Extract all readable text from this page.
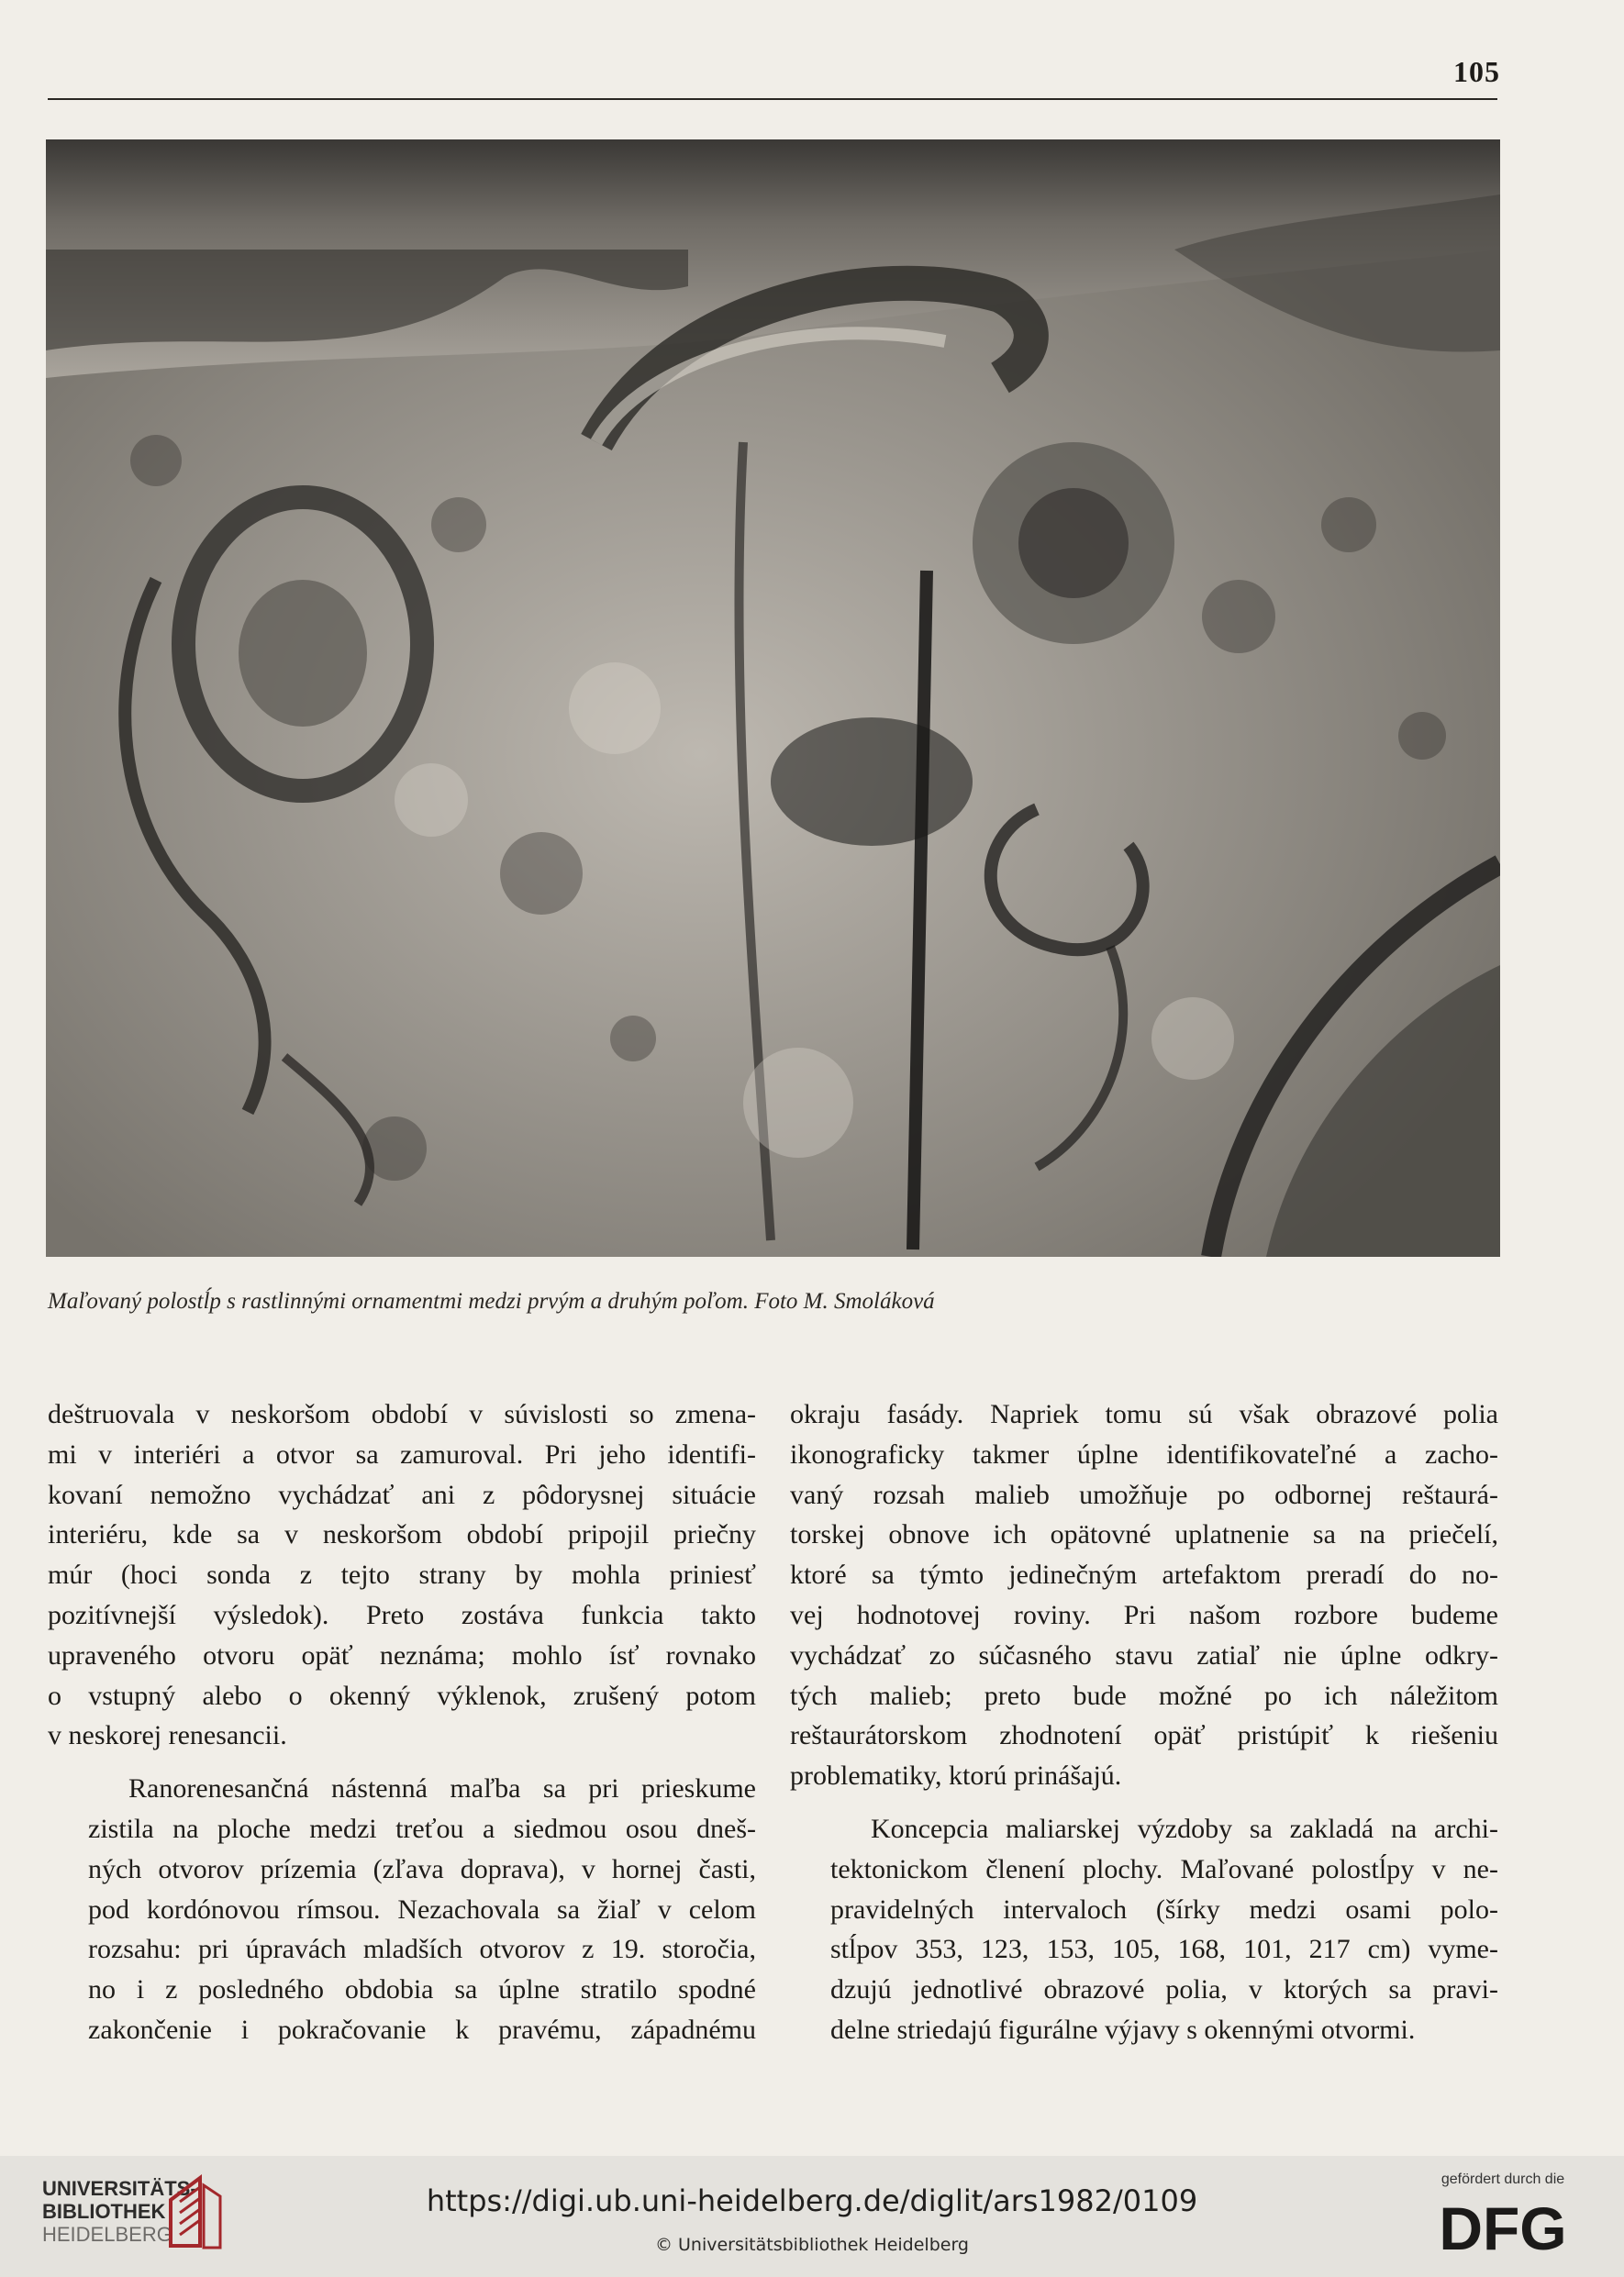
105
Maľovaný polostĺp s rastlinnými ornamentmi medzi prvým a druhým poľom. Foto M. Smoláková

deštruovala v neskoršom období v súvislosti so zmena-
mi v interiéri a otvor sa zamuroval. Pri jeho identifi-
kovaní nemožno vychádzať ani z pôdorysnej situácie
interiéru, kde sa v neskoršom období pripojil priečny
múr (hoci sonda z tejto strany by mohla priniesť
pozitívnejší výsledok). Preto zostáva funkcia takto
upraveného otvoru opäť neznáma; mohlo ísť rovnako
o vstupný alebo o okenný výklenok, zrušený potom
v neskorej renesancii.

Ranorenesančná nástenná maľba sa pri prieskume
zistila na ploche medzi treťou a siedmou osou dneš-
ných otvorov prízemia (zľava doprava), v hornej časti,
pod kordónovou rímsou. Nezachovala sa žiaľ v celom
rozsahu: pri úpravách mladších otvorov z 19. storočia,
no i z posledného obdobia sa úplne stratilo spodné
zakončenie i pokračovanie k pravému, západnému

okraju fasády. Napriek tomu sú však obrazové polia
ikonograficky takmer úplne identifikovateľné a zacho-
vaný rozsah malieb umožňuje po odbornej reštaurá-
torskej obnove ich opätovné uplatnenie sa na priečelí,
ktoré sa týmto jedinečným artefaktom preradí do no-
vej hodnotovej roviny. Pri našom rozbore budeme
vychádzať zo súčasného stavu zatiaľ nie úplne odkry-
tých malieb; preto bude možné po ich náležitom
reštaurátorskom zhodnotení opäť pristúpiť k riešeniu
problematiky, ktorú prinášajú.

Koncepcia maliarskej výzdoby sa zakladá na archi-
tektonickom členení plochy. Maľované polostĺpy v ne-
pravidelných intervaloch (šírky medzi osami polo-
stĺpov 353, 123, 153, 105, 168, 101, 217 cm) vyme-
dzujú jednotlivé obrazové polia, v ktorých sa pravi-
delne striedajú figurálne výjavy s okennými otvormi.

UNIVERSITÄTS-
BIBLIOTHEK
HEIDELBERG
https://digi.ub.uni-heidelberg.de/diglit/ars1982/0109
© Universitätsbibliothek Heidelberg
gefördert durch die
DFG
